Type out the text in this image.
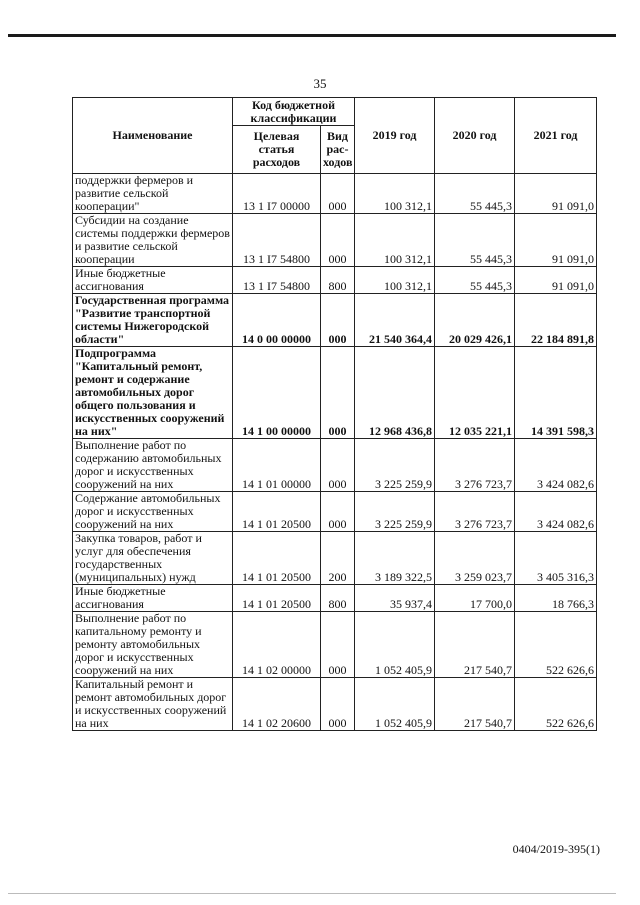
35
Наименование	Код бюджетной классификации		2019 год	2020 год	2021 год
	Целевая статья расходов	Вид рас-ходов			
поддержки фермеров и развитие сельской кооперации"	13 1 I7 00000	000	100 312,1	55 445,3	91 091,0
Субсидии на создание системы поддержки фермеров и развитие сельской кооперации	13 1 I7 54800	000	100 312,1	55 445,3	91 091,0
Иные бюджетные ассигнования	13 1 I7 54800	800	100 312,1	55 445,3	91 091,0
Государственная программа "Развитие транспортной системы Нижегородской области"	14 0 00 00000	000	21 540 364,4	20 029 426,1	22 184 891,8
Подпрограмма "Капитальный ремонт, ремонт и содержание автомобильных дорог общего пользования и искусственных сооружений на них"	14 1 00 00000	000	12 968 436,8	12 035 221,1	14 391 598,3
Выполнение работ по содержанию автомобильных дорог и искусственных сооружений на них	14 1 01 00000	000	3 225 259,9	3 276 723,7	3 424 082,6
Содержание автомобильных дорог и искусственных сооружений на них	14 1 01 20500	000	3 225 259,9	3 276 723,7	3 424 082,6
Закупка товаров, работ и услуг для обеспечения государственных (муниципальных) нужд	14 1 01 20500	200	3 189 322,5	3 259 023,7	3 405 316,3
Иные бюджетные ассигнования	14 1 01 20500	800	35 937,4	17 700,0	18 766,3
Выполнение работ по капитальному ремонту и ремонту автомобильных дорог и искусственных сооружений на них	14 1 02 00000	000	1 052 405,9	217 540,7	522 626,6
Капитальный ремонт и ремонт автомобильных дорог и искусственных сооружений на них	14 1 02 20600	000	1 052 405,9	217 540,7	522 626,6
0404/2019-395(1)
